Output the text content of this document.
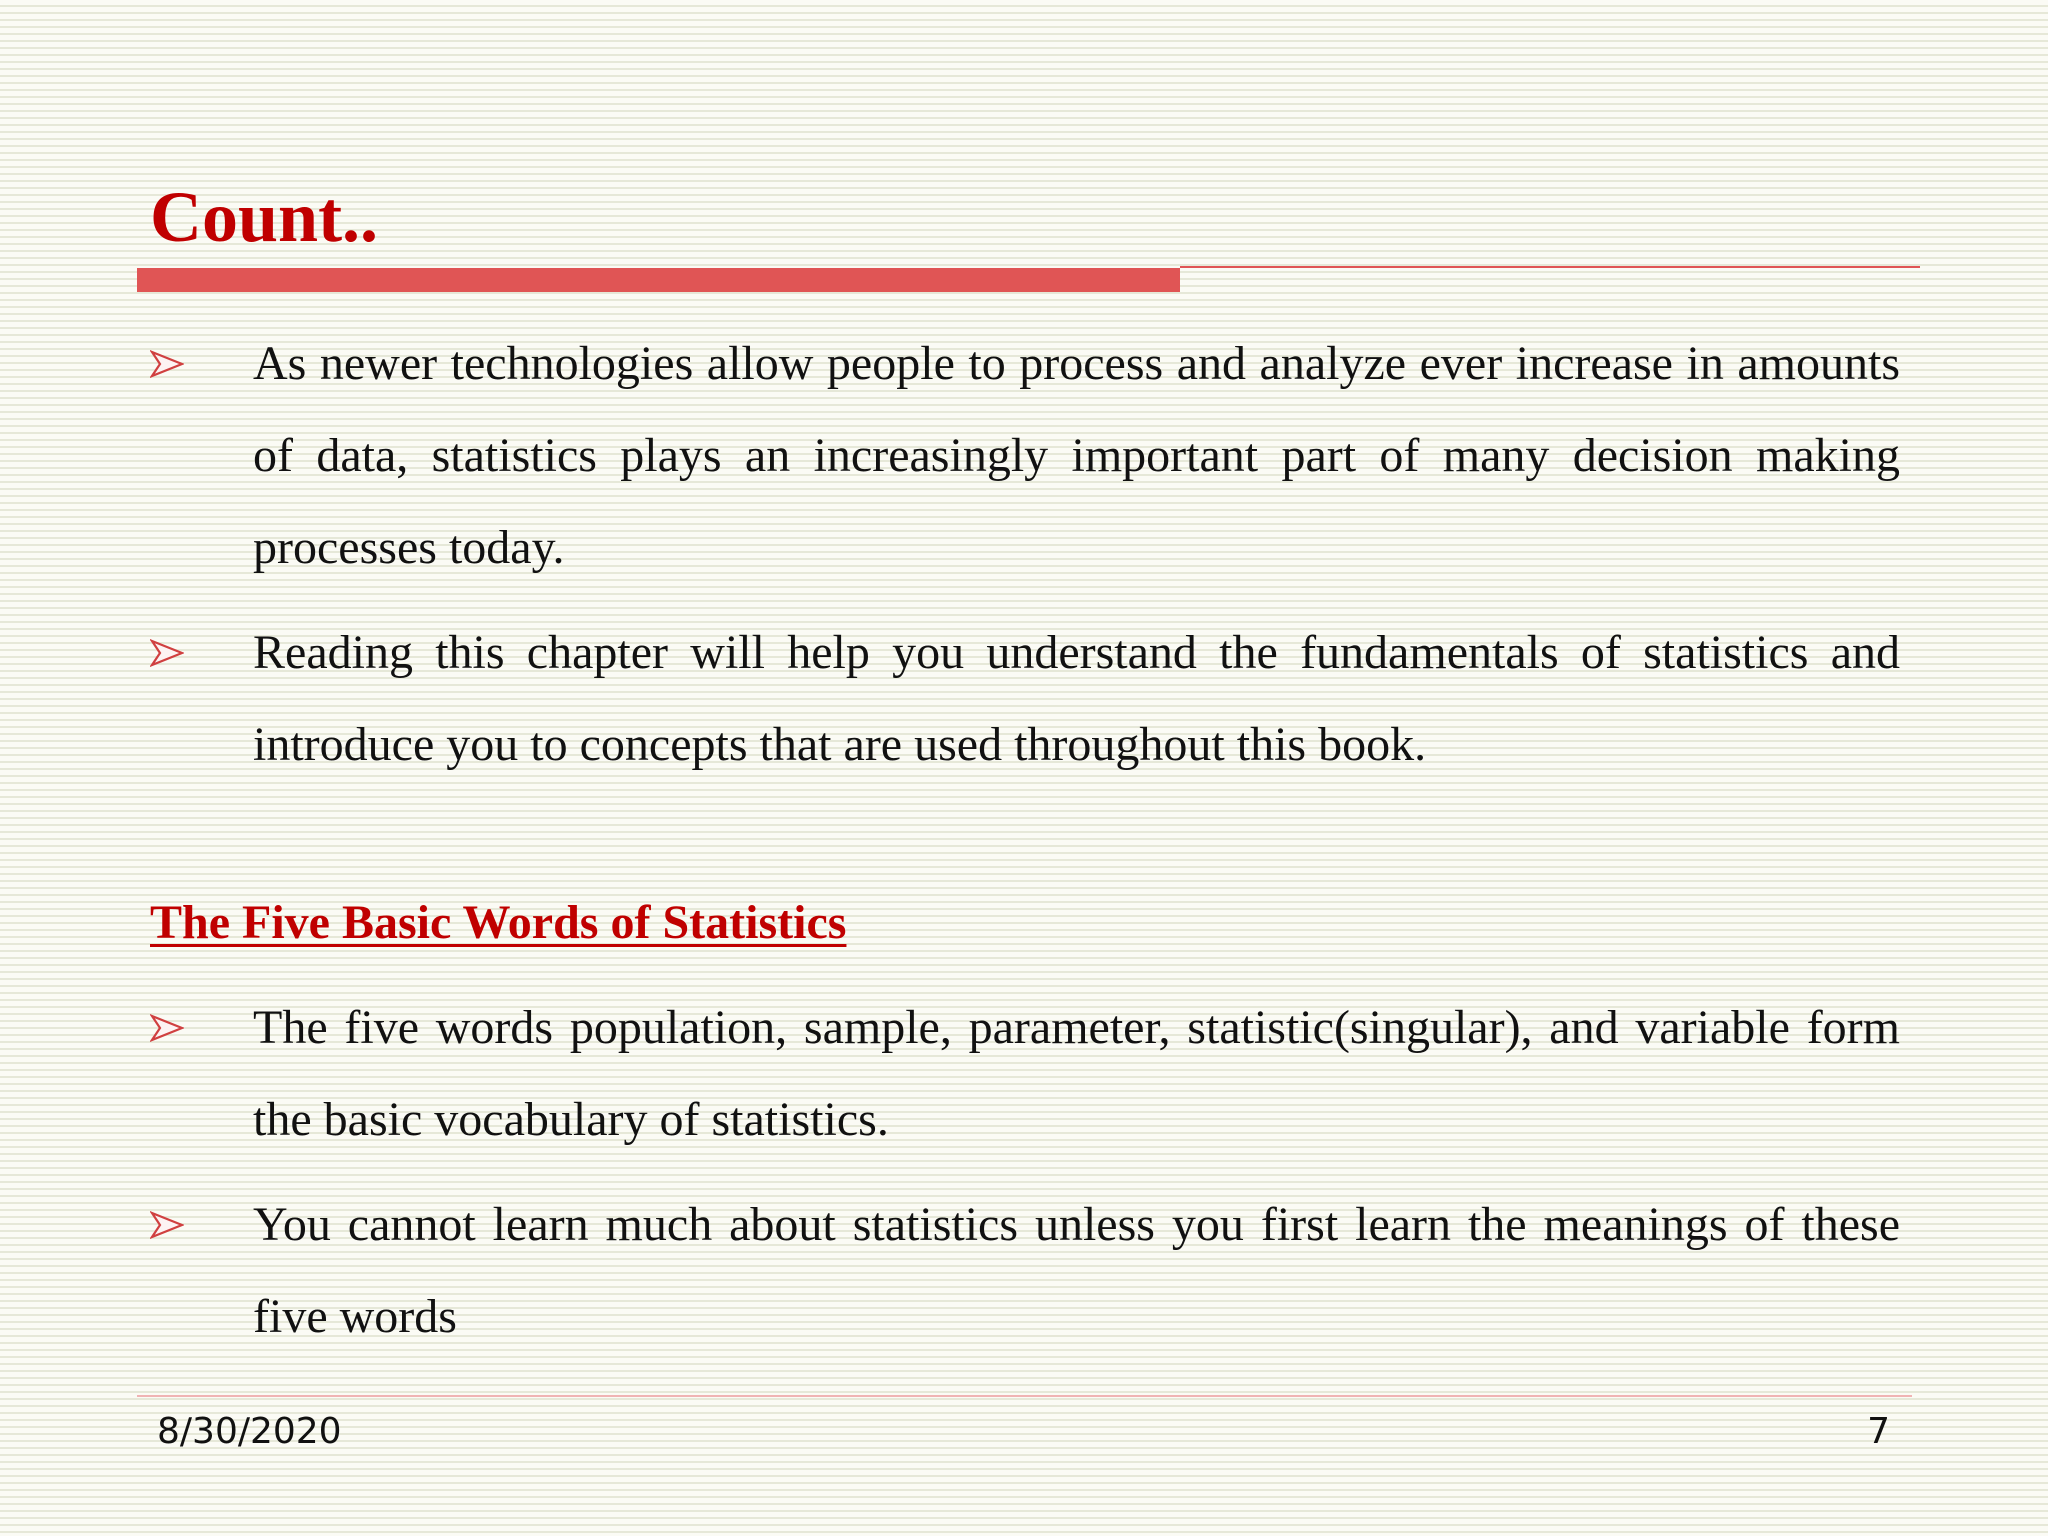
Count..
As newer technologies allow people to process and analyze ever increase in amounts of data, statistics plays an increasingly important part of many decision making processes today.
Reading this chapter will help you understand the fundamentals of statistics and introduce you to concepts that are used throughout this book.
The Five Basic Words of Statistics
The five words population, sample, parameter, statistic(singular), and variable form the basic vocabulary of statistics.
You cannot learn much about statistics unless you first learn the meanings of these five words
8/30/2020	7
